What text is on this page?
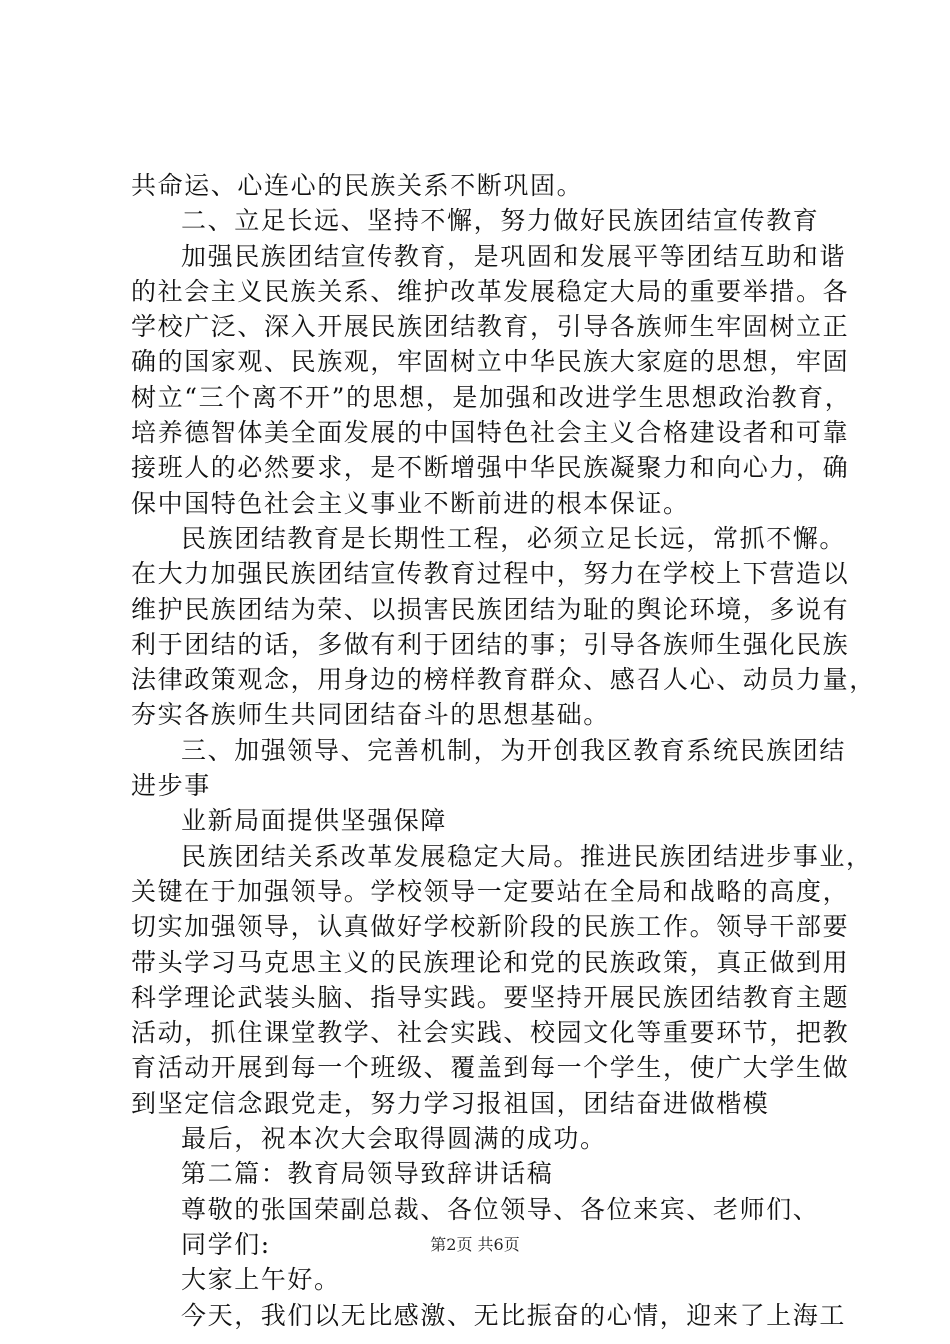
共命运、心连心的民族关系不断巩固。
二、立足长远、坚持不懈，努力做好民族团结宣传教育
加强民族团结宣传教育，是巩固和发展平等团结互助和谐
的社会主义民族关系、维护改革发展稳定大局的重要举措。各
学校广泛、深入开展民族团结教育，引导各族师生牢固树立正
确的国家观、民族观，牢固树立中华民族大家庭的思想，牢固
树立“三个离不开”的思想，是加强和改进学生思想政治教育，
培养德智体美全面发展的中国特色社会主义合格建设者和可靠
接班人的必然要求，是不断增强中华民族凝聚力和向心力，确
保中国特色社会主义事业不断前进的根本保证。
民族团结教育是长期性工程，必须立足长远，常抓不懈。
在大力加强民族团结宣传教育过程中，努力在学校上下营造以
维护民族团结为荣、以损害民族团结为耻的舆论环境，多说有
利于团结的话，多做有利于团结的事；引导各族师生强化民族
法律政策观念，用身边的榜样教育群众、感召人心、动员力量，
夯实各族师生共同团结奋斗的思想基础。
三、加强领导、完善机制，为开创我区教育系统民族团结
进步事
业新局面提供坚强保障
民族团结关系改革发展稳定大局。推进民族团结进步事业，
关键在于加强领导。学校领导一定要站在全局和战略的高度，
切实加强领导，认真做好学校新阶段的民族工作。领导干部要
带头学习马克思主义的民族理论和党的民族政策，真正做到用
科学理论武装头脑、指导实践。要坚持开展民族团结教育主题
活动，抓住课堂教学、社会实践、校园文化等重要环节，把教
育活动开展到每一个班级、覆盖到每一个学生，使广大学生做
到坚定信念跟党走，努力学习报祖国，团结奋进做楷模
最后，祝本次大会取得圆满的成功。
第二篇：教育局领导致辞讲话稿
尊敬的张国荣副总裁、各位领导、各位来宾、老师们、
同学们:
大家上午好。
今天，我们以无比感激、无比振奋的心情，迎来了上海工
第2页 共6页
